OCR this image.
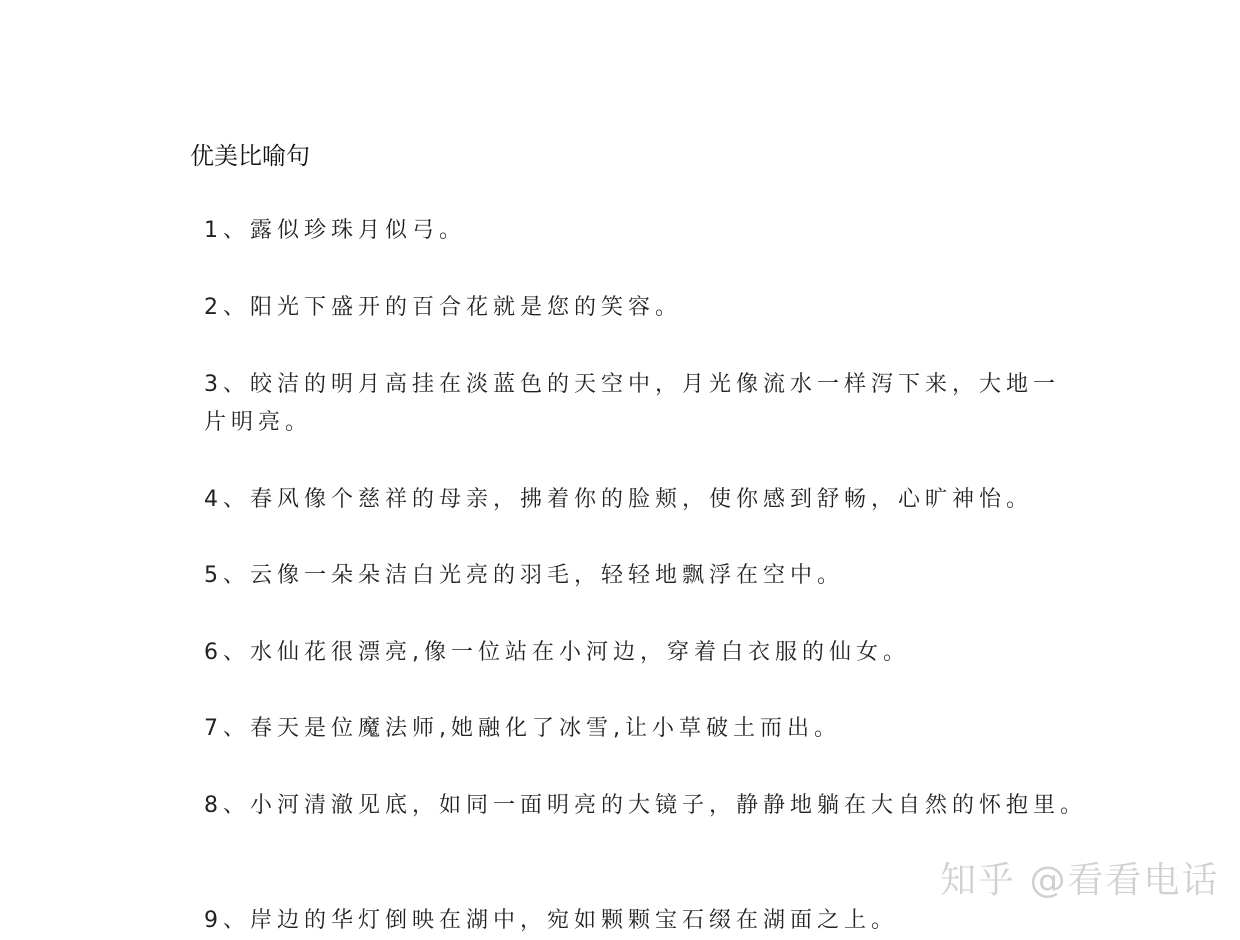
优美比喻句
1、露似珍珠月似弓。
2、阳光下盛开的百合花就是您的笑容。
3、皎洁的明月高挂在淡蓝色的天空中，月光像流水一样泻下来，大地一
片明亮。
4、春风像个慈祥的母亲，拂着你的脸颊，使你感到舒畅，心旷神怡。
5、云像一朵朵洁白光亮的羽毛，轻轻地飘浮在空中。
6、水仙花很漂亮,像一位站在小河边，穿着白衣服的仙女。
7、春天是位魔法师,她融化了冰雪,让小草破土而出。
8、小河清澈见底，如同一面明亮的大镜子，静静地躺在大自然的怀抱里。
9、岸边的华灯倒映在湖中，宛如颗颗宝石缀在湖面之上。
知乎 @看看电话
